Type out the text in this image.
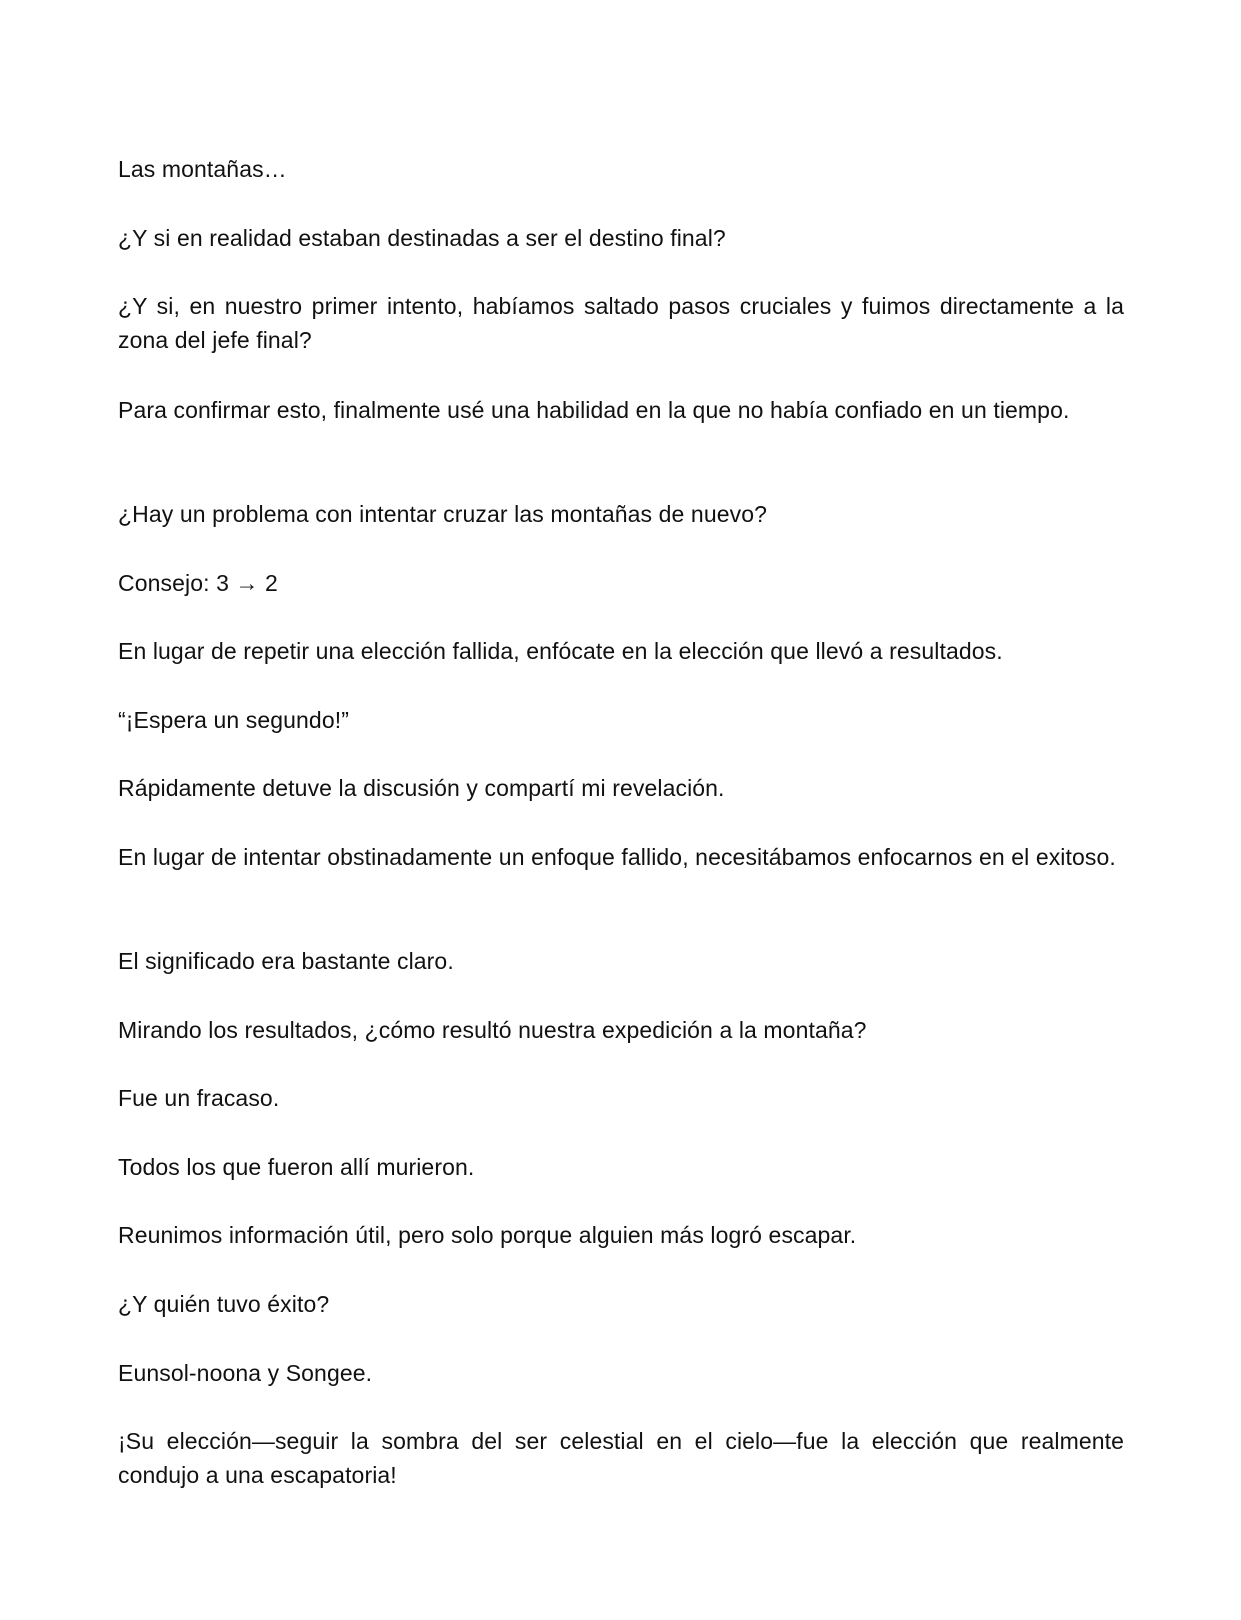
Las montañas…

¿Y si en realidad estaban destinadas a ser el destino final?

¿Y si, en nuestro primer intento, habíamos saltado pasos cruciales y fuimos directamente a la zona del jefe final?

Para confirmar esto, finalmente usé una habilidad en la que no había confiado en un tiempo.

¿Hay un problema con intentar cruzar las montañas de nuevo?

Consejo: 3 → 2

En lugar de repetir una elección fallida, enfócate en la elección que llevó a resultados.

“¡Espera un segundo!”

Rápidamente detuve la discusión y compartí mi revelación.

En lugar de intentar obstinadamente un enfoque fallido, necesitábamos enfocarnos en el exitoso.

El significado era bastante claro.

Mirando los resultados, ¿cómo resultó nuestra expedición a la montaña?

Fue un fracaso.

Todos los que fueron allí murieron.

Reunimos información útil, pero solo porque alguien más logró escapar.

¿Y quién tuvo éxito?

Eunsol-noona y Songee.

¡Su elección—seguir la sombra del ser celestial en el cielo—fue la elección que realmente condujo a una escapatoria!
